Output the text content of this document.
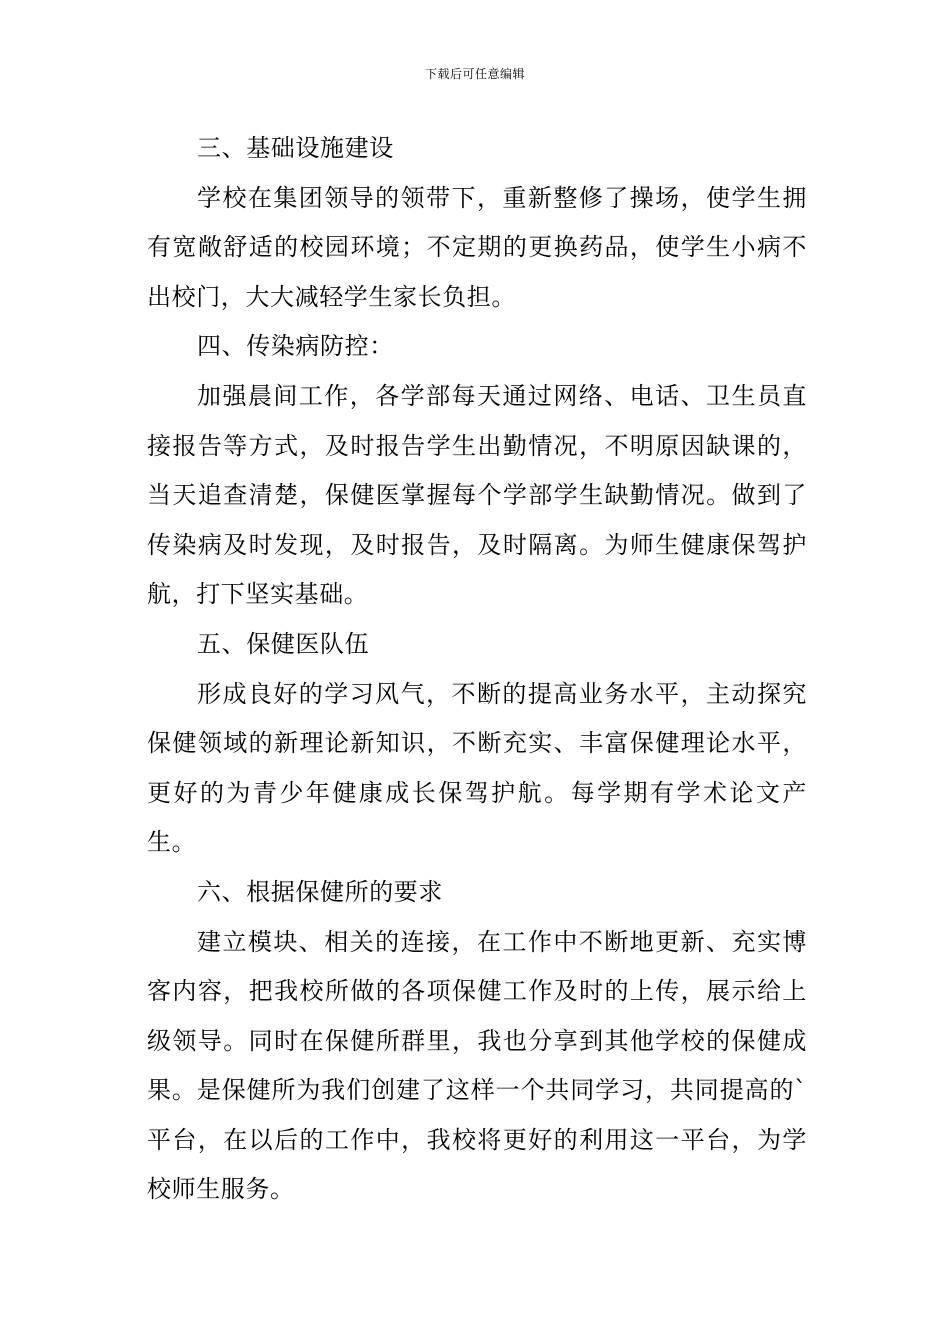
下载后可任意编辑

三、基础设施建设

学校在集团领导的领带下，重新整修了操场，使学生拥有宽敞舒适的校园环境；不定期的更换药品，使学生小病不出校门，大大减轻学生家长负担。

四、传染病防控：

加强晨间工作，各学部每天通过网络、电话、卫生员直接报告等方式，及时报告学生出勤情况，不明原因缺课的，当天追查清楚，保健医掌握每个学部学生缺勤情况。做到了传染病及时发现，及时报告，及时隔离。为师生健康保驾护航，打下坚实基础。

五、保健医队伍

形成良好的学习风气，不断的提高业务水平，主动探究保健领域的新理论新知识，不断充实、丰富保健理论水平，更好的为青少年健康成长保驾护航。每学期有学术论文产生。

六、根据保健所的要求

建立模块、相关的连接，在工作中不断地更新、充实博客内容，把我校所做的各项保健工作及时的上传，展示给上级领导。同时在保健所群里，我也分享到其他学校的保健成果。是保健所为我们创建了这样一个共同学习，共同提高的`平台，在以后的工作中，我校将更好的利用这一平台，为学校师生服务。
